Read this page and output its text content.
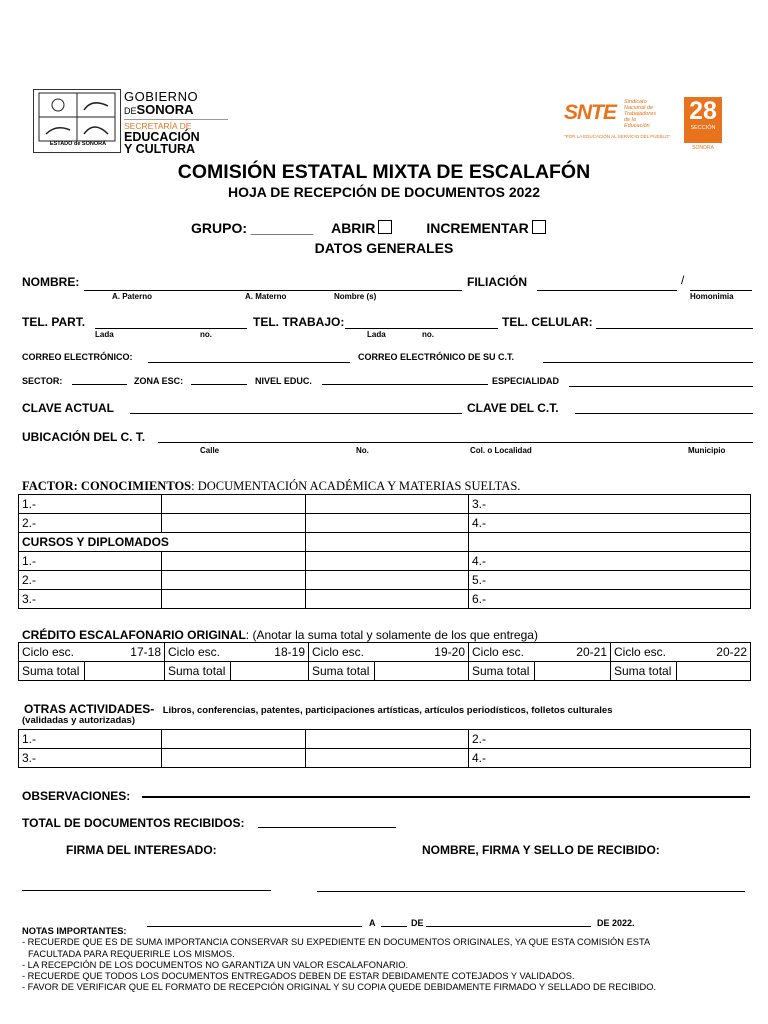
ESTADO de SONORA
GOBIERNO
DESONORA
SECRETARÍA DE
EDUCACIÓN
Y CULTURA
SNTE Sindicato
Nacional de
Trabajadores de la
Educación
"POR LA EDUCACIÓN AL SERVICIO DEL PUEBLO"
28
SECCIÓN
SONORA
COMISIÓN ESTATAL MIXTA DE ESCALAFÓN
HOJA DE RECEPCIÓN DE DOCUMENTOS 2022
GRUPO: ________ ABRIR	INCREMENTAR
DATOS GENERALES
NOMBRE:
A. Paterno	A. Materno	Nombre (s)
FILIACIÓN	/
Homonimia
TEL. PART.
Lada	no.
TEL. TRABAJO:
Lada	no.
TEL. CELULAR:
CORREO ELECTRÓNICO:	CORREO ELECTRÓNICO DE SU C.T.
SECTOR:	ZONA ESC:	NIVEL EDUC.	ESPECIALIDAD
CLAVE ACTUAL	CLAVE DEL C.T.
UBICACIÓN DEL C. T.
Calle	No.	Col. o Localidad	Municipio
FACTOR: CONOCIMIENTOS: DOCUMENTACIÓN ACADÉMICA Y MATERIAS SUELTAS.
1.-			3.-
2.-			4.-
CURSOS Y DIPLOMADOS			
1.-			4.-
2.-			5.-
3.-			6.-
CRÉDITO ESCALAFONARIO ORIGINAL: (Anotar la suma total y solamente de los que entrega)
Ciclo esc. 17-18		Ciclo esc. 18-19		Ciclo esc. 19-20		Ciclo esc. 20-21		Ciclo esc. 20-22	

Suma total		Suma total		Suma total		Suma total		Suma total	
OTRAS ACTIVIDADES- Libros, conferencias, patentes, participaciones artísticas, artículos periodísticos, folletos culturales
(validadas y autorizadas)
1.-			2.-
3.-			4.-
OBSERVACIONES:
TOTAL DE DOCUMENTOS RECIBIDOS:
FIRMA DEL INTERESADO:	NOMBRE, FIRMA Y SELLO DE RECIBIDO:
A	DE	DE 2022.
NOTAS IMPORTANTES:
- RECUERDE QUE ES DE SUMA IMPORTANCIA CONSERVAR SU EXPEDIENTE EN DOCUMENTOS ORIGINALES, YA QUE ESTA COMISIÓN ESTA
FACULTADA PARA REQUERIRLE LOS MISMOS.
- LA RECEPCIÓN DE LOS DOCUMENTOS NO GARANTIZA UN VALOR ESCALAFONARIO.
- RECUERDE QUE TODOS LOS DOCUMENTOS ENTREGADOS DEBEN DE ESTAR DEBIDAMENTE COTEJADOS Y VALIDADOS.
- FAVOR DE VERIFICAR QUE EL FORMATO DE RECEPCIÓN ORIGINAL Y SU COPIA QUEDE DEBIDAMENTE FIRMADO Y SELLADO DE RECIBIDO.
